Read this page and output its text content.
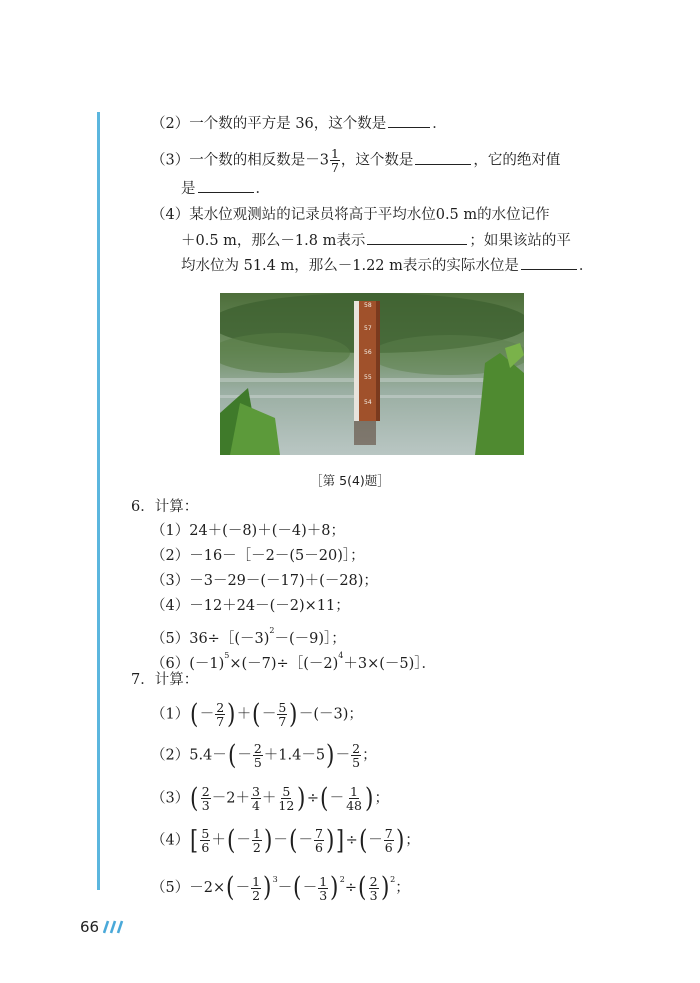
（2）一个数的平方是 36，这个数是	．
（3）一个数的相反数是$-3 \frac{1}{7}$ ，这个数是	，它的绝对值
是	．
（4）某水位观测站的记录员将高于平均水位0.5 m的水位记作
＋0.5 m，那么－1.8 m表示	；如果该站的平
均水位为 51.4 m，那么－1.22 m表示的实际水位是	．
58
57
56
55
54
［第 5(4)题］
6．计算：
（1）24＋(－8)＋(－4)＋8；
（2）－16－［－2－(5－20)］；
（3）－3－29－(－17)＋(－28)；
（4）－12＋24－(－2)×11；
$(5)36\div[(-3)^2-(-9)]$；
$(6)(-1)^5\times(-7)\div[(-2)^4+3\times(-5)]$．
7．计算：
$(1)(- \frac{2}{7}$ )＋(－ $\frac{5}{7} )-(-3)$；
$(2)5.4-(- \frac{2}{5} +1.4-5)- \frac{2}{5}$ ；
$(3)( \frac{2}{3} -2+ \frac{3}{4} + \frac{5}{12}$ )÷(－ $\frac{1}{48}$ )；
$(4)[ \frac{5}{6}$ ＋(－ $\frac{1}{2}$ )－(－ $\frac{7}{6}$ )]÷(－ $\frac{7}{6}$ )；
$(5)-2\times(- \frac{1}{2} )^3-(- \frac{1}{3} )^2\div( \frac{2}{3} )^2$；
66
